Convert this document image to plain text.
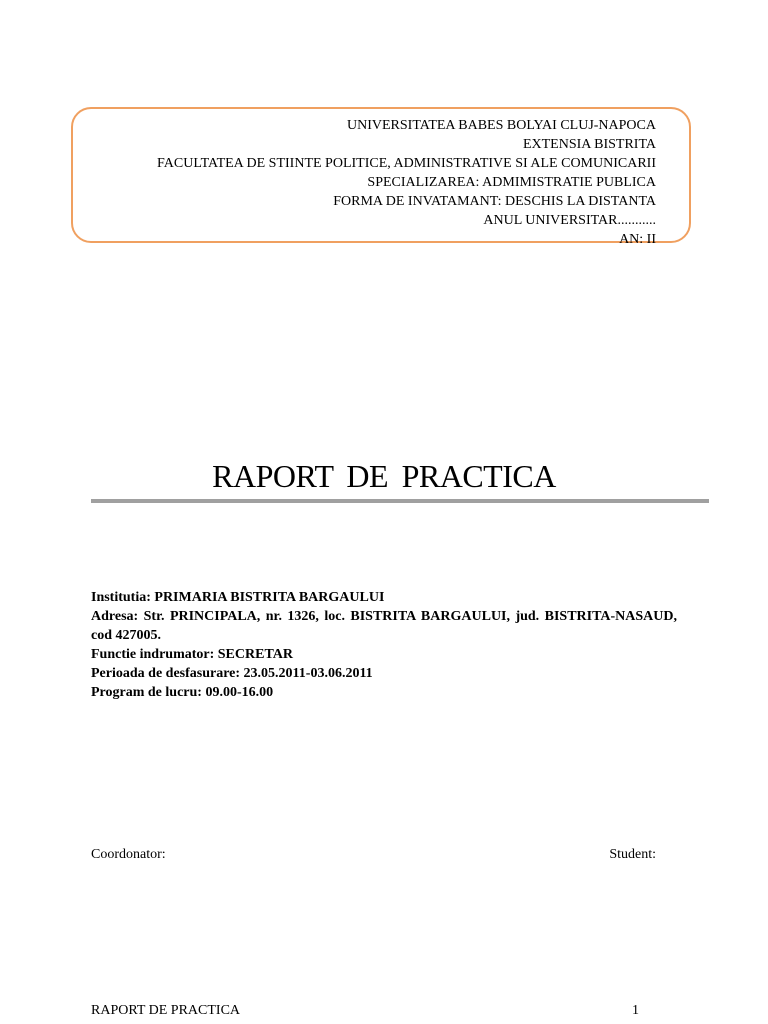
UNIVERSITATEA BABES BOLYAI CLUJ-NAPOCA
EXTENSIA BISTRITA
FACULTATEA DE STIINTE POLITICE, ADMINISTRATIVE SI ALE COMUNICARII
SPECIALIZAREA: ADMIMISTRATIE PUBLICA
FORMA DE INVATAMANT: DESCHIS LA DISTANTA
ANUL UNIVERSITAR...........
AN: II
RAPORT DE PRACTICA
Institutia: PRIMARIA BISTRITA BARGAULUI
Adresa: Str. PRINCIPALA, nr. 1326, loc. BISTRITA BARGAULUI, jud. BISTRITA-NASAUD, cod 427005.
Functie indrumator: SECRETAR
Perioada de desfasurare: 23.05.2011-03.06.2011
Program de lucru: 09.00-16.00
Coordonator:	Student:
RAPORT DE PRACTICA	1
